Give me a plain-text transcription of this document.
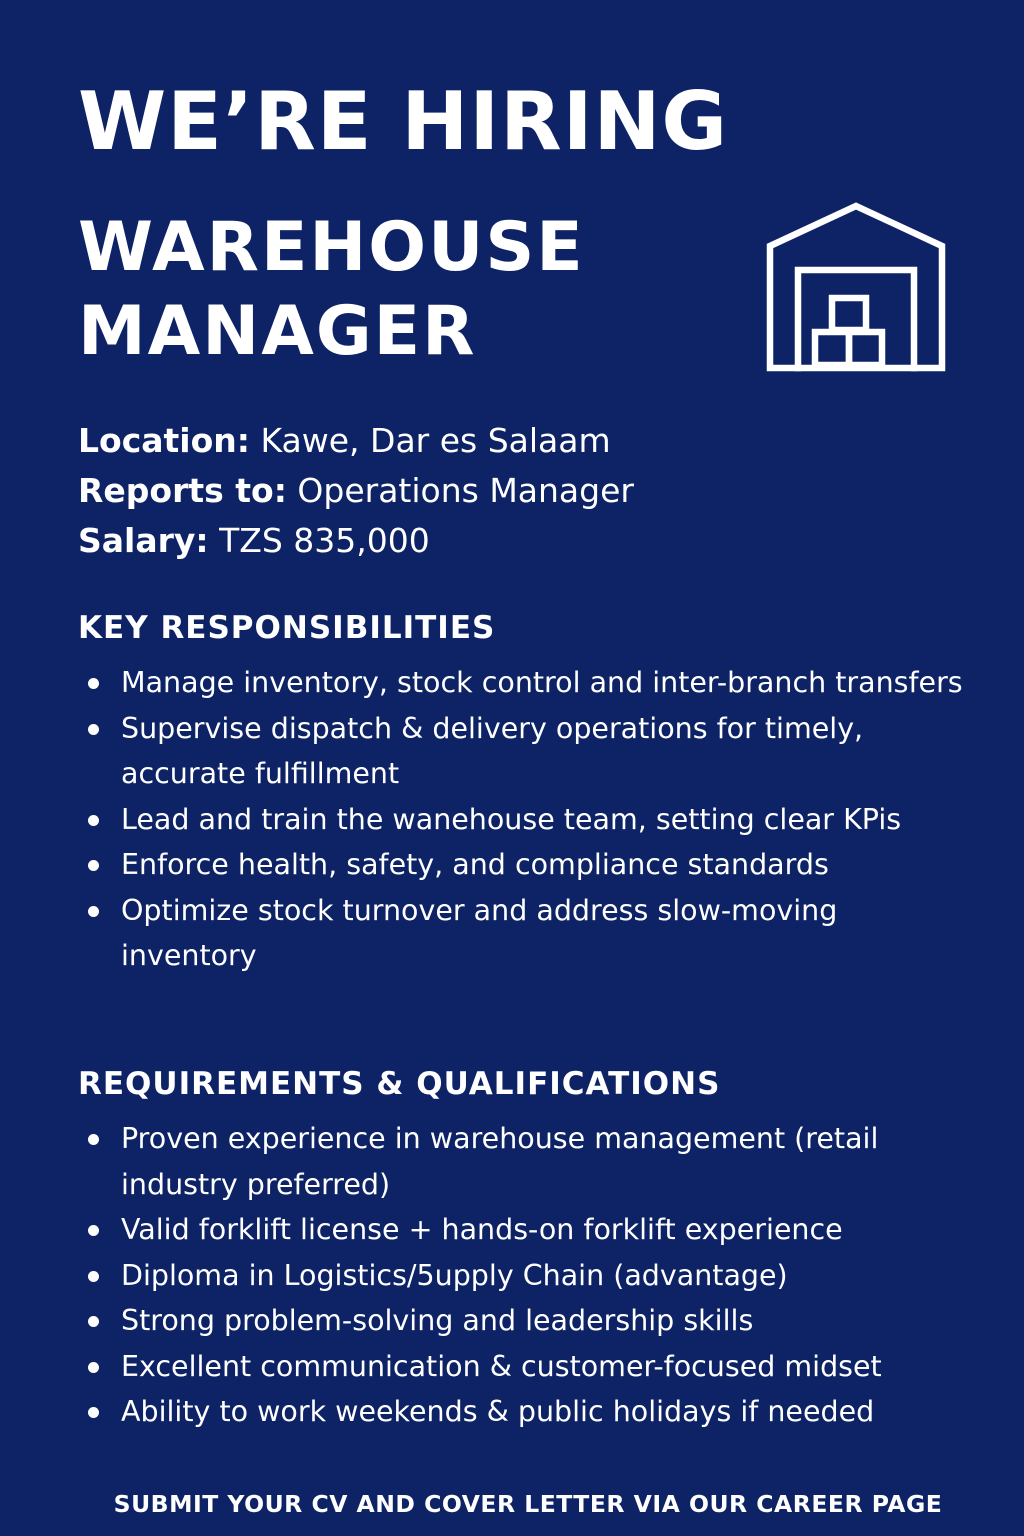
WE’RE HIRING
WAREHOUSE
MANAGER
Location: Kawe, Dar es Salaam
Reports to: Operations Manager
Salary: TZS 835,000
KEY RESPONSIBILITIES
Manage inventory, stock control and inter-branch transfers
Supervise dispatch & delivery operations for timely, accurate fulfillment
Lead and train the wanehouse team, setting clear KPis
Enforce health, safety, and compliance standards
Optimize stock turnover and address slow-moving inventory
REQUIREMENTS & QUALIFICATIONS
Proven experience in warehouse management (retail industry preferred)
Valid forklift license + hands-on forklift experience
Diploma in Logistics/5upply Chain (advantage)
Strong problem-solving and leadership skills
Excellent communication & customer-focused midset
Ability to work weekends & public holidays if needed

SUBMIT YOUR CV AND COVER LETTER VIA OUR CAREER PAGE
